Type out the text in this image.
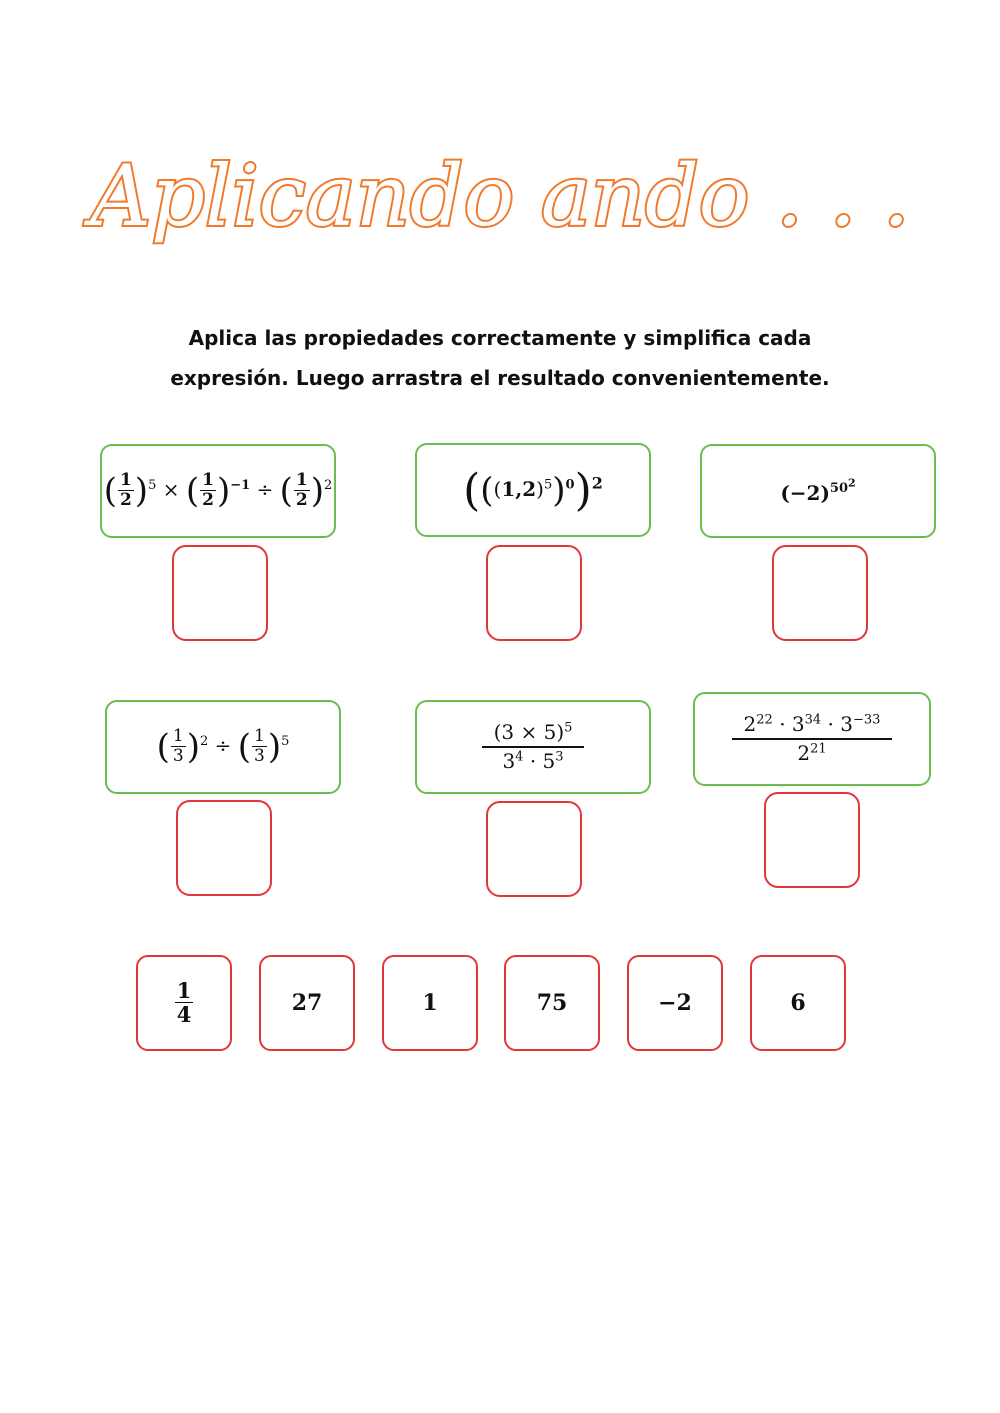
Aplicando ando . . .
Aplica las propiedades correctamente y simplifica cada
expresión. Luego arrastra el resultado convenientemente.
( $\frac{1}{2} )^5$ × ( $\frac{1}{2} )^{-1}$ ÷ ( $\frac{1}{2} )^2$	$(((1,2)^5)^0)^2$	$(-2)^{50^2}$
( $\frac{1}{3} )^2$ ÷ ( $\frac{1}{3} )^5$	$\frac{(3 \times 5)^5}{3^4 \cdot 5^3}$	$\frac{2^{22} \cdot 3^{34} \cdot 3^{-33}}{2^{21}}$
$\frac{1}{4}$	27	1	75	−2	6
